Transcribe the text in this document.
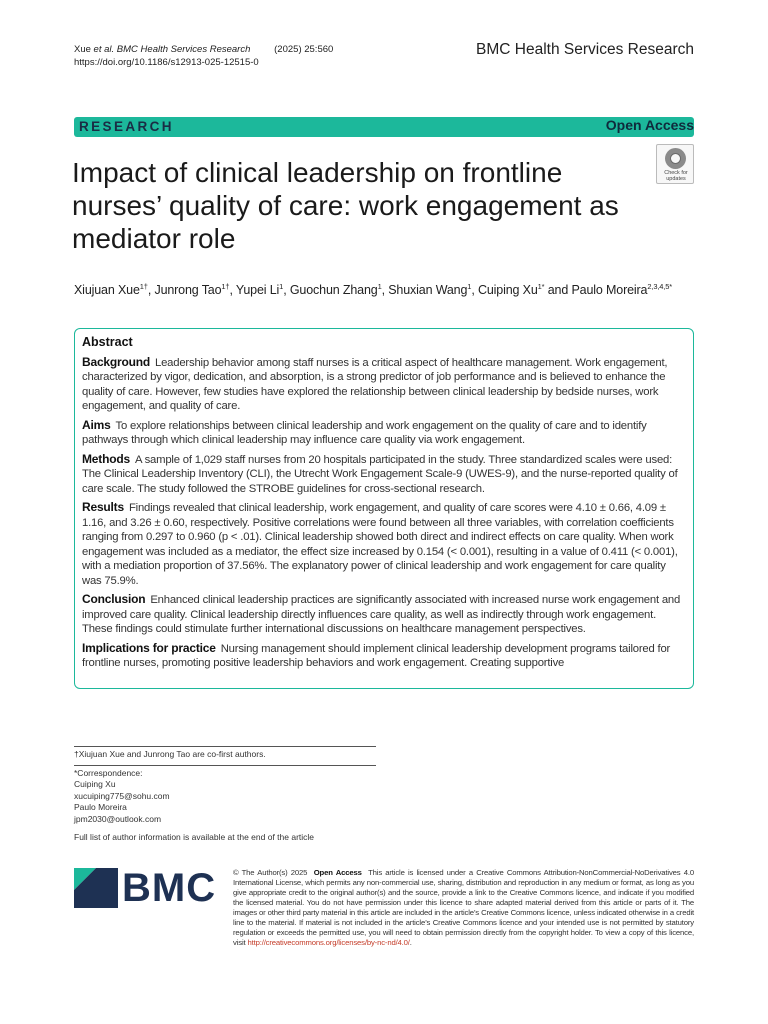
Xue et al. BMC Health Services Research	(2025) 25:560
https://doi.org/10.1186/s12913-025-12515-0
BMC Health Services Research
RESEARCH	Open Access
Impact of clinical leadership on frontline nurses’ quality of care: work engagement as mediator role
Check for
updates
Xiujuan Xue$^{1\dagger}$, Junrong Tao$^{1\dagger}$, Yupei Li$^1$, Guochun Zhang$^1$, Shuxian Wang$^1$, Cuiping $Xu^{1*}$ and Paulo Moreira$^{2,3,4,5*}$
Abstract

Background Leadership behavior among staff nurses is a critical aspect of healthcare management. Work engagement, characterized by vigor, dedication, and absorption, is a strong predictor of job performance and is believed to enhance the quality of care. However, few studies have explored the relationship between clinical leadership by bedside nurses, work engagement, and quality of care.

Aims To explore relationships between clinical leadership and work engagement on the quality of care and to identify pathways through which clinical leadership may influence care quality via work engagement.

Methods A sample of 1,029 staff nurses from 20 hospitals participated in the study. Three standardized scales were used: The Clinical Leadership Inventory (CLI), the Utrecht Work Engagement Scale-9 (UWES-9), and the nurse-reported quality of care scale. The study followed the STROBE guidelines for cross-sectional research.

Results Findings revealed that clinical leadership, work engagement, and quality of care scores were 4.10 ± 0.66, 4.09 ± 1.16, and 3.26 ± 0.60, respectively. Positive correlations were found between all three variables, with correlation coefficients ranging from 0.297 to 0.960 (p < .01). Clinical leadership showed both direct and indirect effects on care quality. When work engagement was included as a mediator, the effect size increased by 0.154 (< 0.001), resulting in a value of 0.411 (< 0.001), with a mediation proportion of 37.56%. The explanatory power of clinical leadership and work engagement for care quality was 75.9%.

Conclusion Enhanced clinical leadership practices are significantly associated with increased nurse work engagement and improved care quality. Clinical leadership directly influences care quality, as well as indirectly through work engagement. These findings could stimulate further international discussions on healthcare management perspectives.

Implications for practice Nursing management should implement clinical leadership development programs tailored for frontline nurses, promoting positive leadership behaviors and work engagement. Creating supportive

†Xiujuan Xue and Junrong Tao are co-first authors.
*Correspondence:
Cuiping Xu
xucuiping775@sohu.com
Paulo Moreira
jpm2030@outlook.com
Full list of author information is available at the end of the article
BMC © The Author(s) 2025 Open Access This article is licensed under a Creative Commons Attribution-NonCommercial-NoDerivatives 4.0 International License, which permits any non-commercial use, sharing, distribution and reproduction in any medium or format, as long as you give appropriate credit to the original author(s) and the source, provide a link to the Creative Commons licence, and indicate if you modified the licensed material. You do not have permission under this licence to share adapted material derived from this article or parts of it. The images or other third party material in this article are included in the article’s Creative Commons licence, unless indicated otherwise in a credit line to the material. If material is not included in the article’s Creative Commons licence and your intended use is not permitted by statutory regulation or exceeds the permitted use, you will need to obtain permission directly from the copyright holder. To view a copy of this licence, visit http://creativecommons.org/licenses/by-nc-nd/4.0/.
